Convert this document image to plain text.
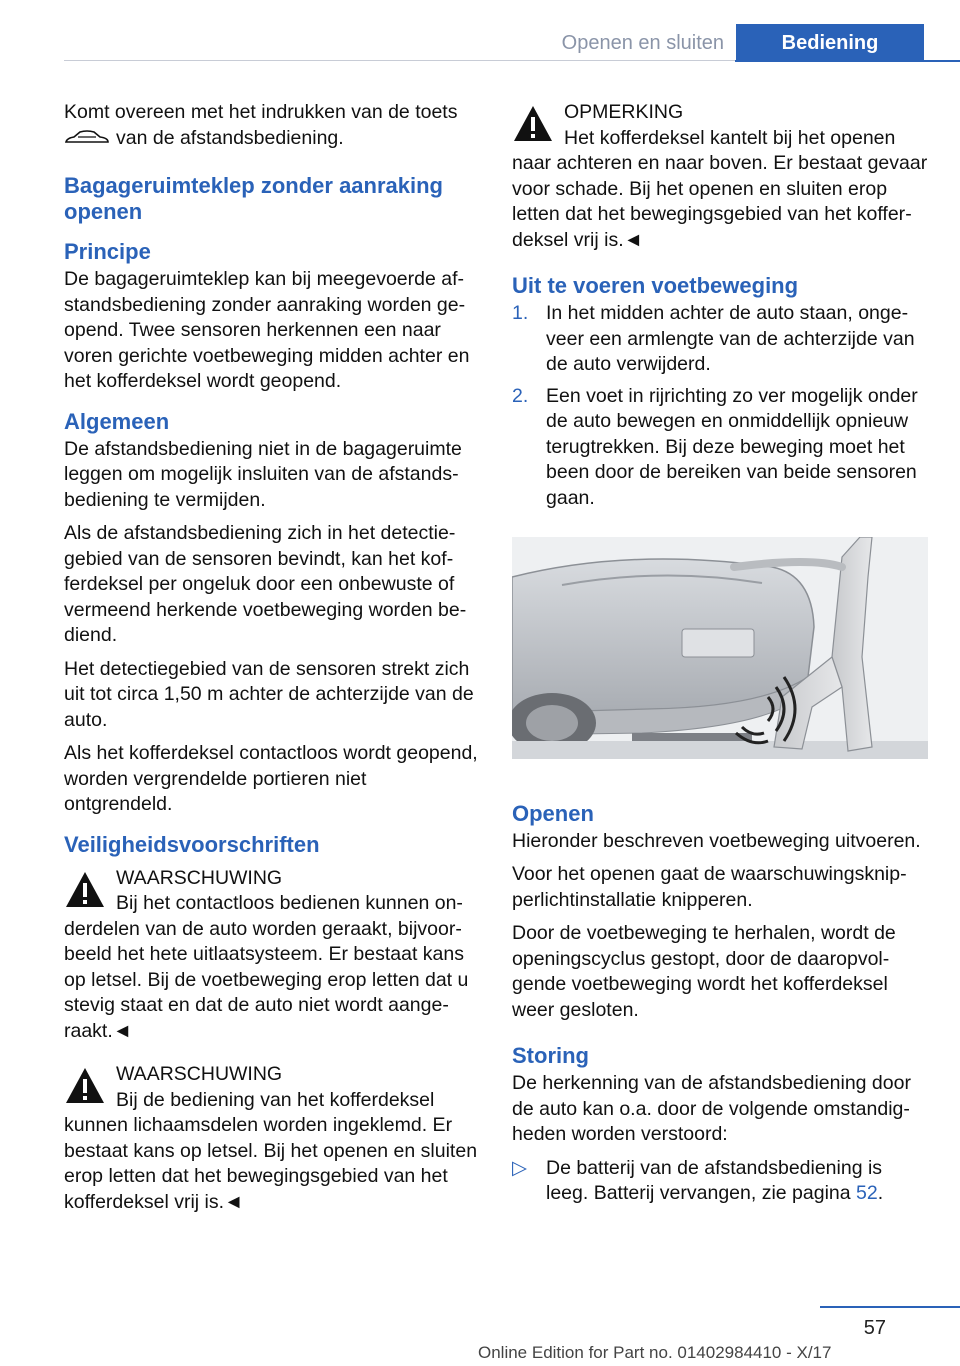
Openen en sluiten	Bediening

Komt overeen met het indrukken van de toets
van de afstandsbediening.

Bagageruimteklep zonder aanraking openen
Principe

De bagageruimteklep kan bij meegevoerde afstandsbediening zonder aanraking worden geopend. Twee sensoren herkennen een naar voren gerichte voetbeweging midden achter en het kofferdeksel wordt geopend.

Algemeen

De afstandsbediening niet in de bagageruimte leggen om mogelijk insluiten van de afstandsbediening te vermijden.

Als de afstandsbediening zich in het detectiegebied van de sensoren bevindt, kan het kofferdeksel per ongeluk door een onbewuste of vermeend herkende voetbeweging worden bediend.

Het detectiegebied van de sensoren strekt zich uit tot circa 1,50 m achter de achterzijde van de auto.

Als het kofferdeksel contactloos wordt geopend, worden vergrendelde portieren niet ontgrendeld.

Veiligheidsvoorschriften
WAARSCHUWING
Bij het contactloos bedienen kunnen onderdelen van de auto worden geraakt, bijvoorbeeld het hete uitlaatsysteem. Er bestaat kans op letsel. Bij de voetbeweging erop letten dat u stevig staat en dat de auto niet wordt aangeraakt.◄
WAARSCHUWING
Bij de bediening van het kofferdeksel kunnen lichaamsdelen worden ingeklemd. Er bestaat kans op letsel. Bij het openen en sluiten erop letten dat het bewegingsgebied van het kofferdeksel vrij is.◄
OPMERKING
Het kofferdeksel kantelt bij het openen naar achteren en naar boven. Er bestaat gevaar voor schade. Bij het openen en sluiten erop letten dat het bewegingsgebied van het kofferdeksel vrij is.◄
Uit te voeren voetbeweging
1. In het midden achter de auto staan, ongeveer een armlengte van de achterzijde van de auto verwijderd.
2. Een voet in rijrichting zo ver mogelijk onder de auto bewegen en onmiddellijk opnieuw terugtrekken. Bij deze beweging moet het been door de bereiken van beide sensoren gaan.
Openen

Hieronder beschreven voetbeweging uitvoeren.

Voor het openen gaat de waarschuwingsknipperlichtinstallatie knipperen.

Door de voetbeweging te herhalen, wordt de openingscyclus gestopt, door de daaropvolgende voetbeweging wordt het kofferdeksel weer gesloten.

Storing

De herkenning van de afstandsbediening door de auto kan o.a. door de volgende omstandigheden worden verstoord:

▷ De batterij van de afstandsbediening is leeg. Batterij vervangen, zie pagina 52.
57
Online Edition for Part no. 01402984410 - X/17
